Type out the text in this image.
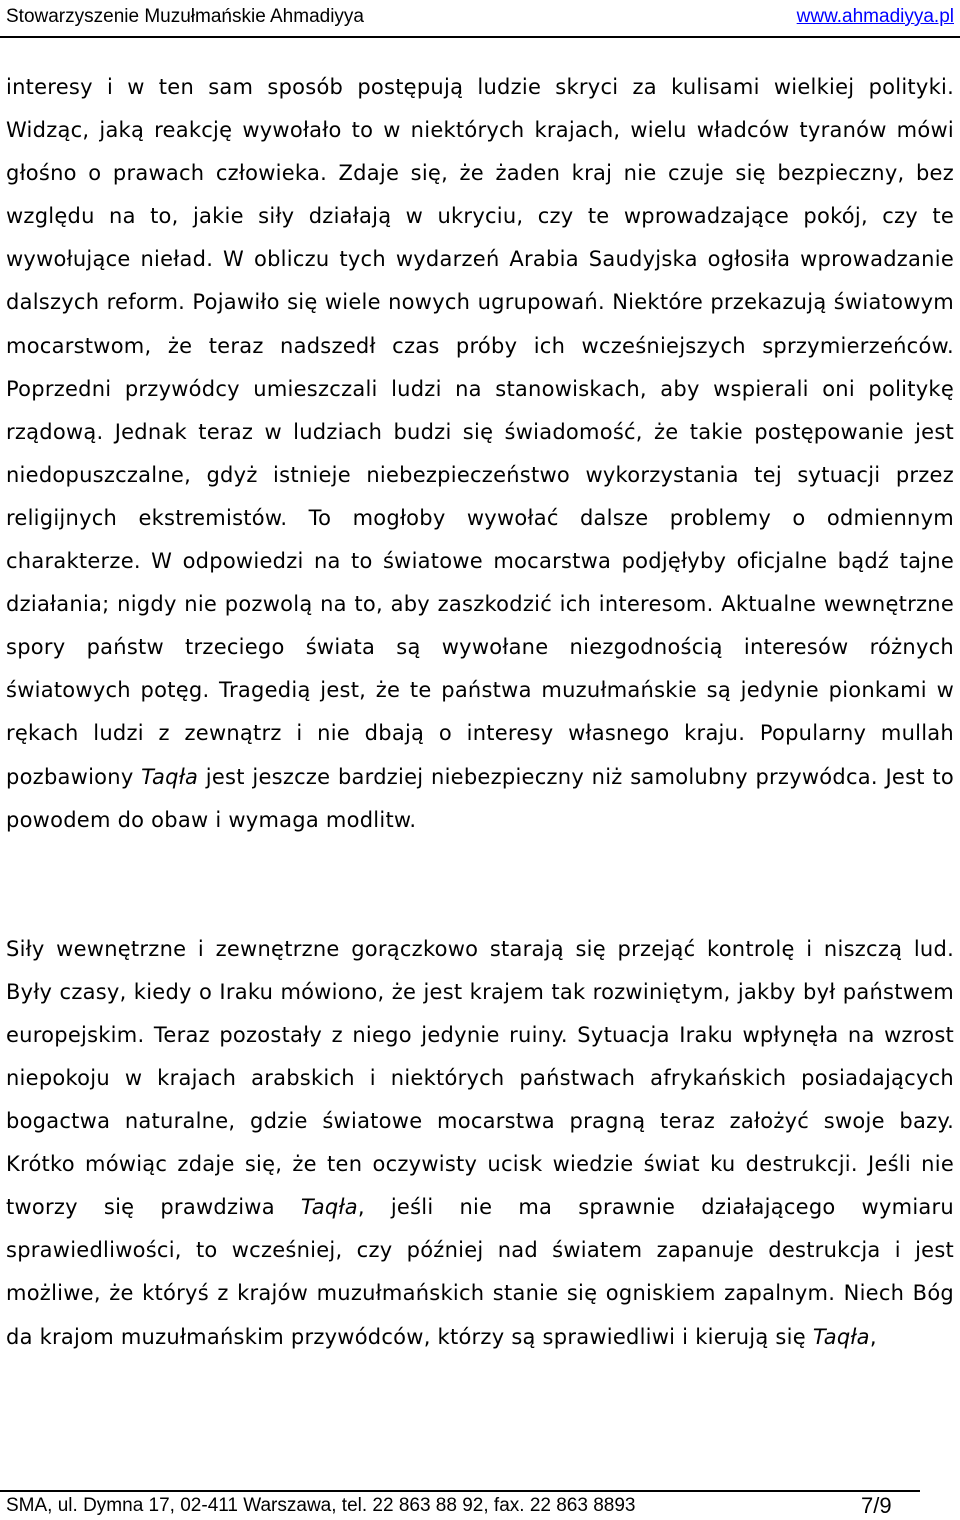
Stowarzyszenie Muzułmańskie Ahmadiyya	www.ahmadiyya.pl

interesy i w ten sam sposób postępują ludzie skryci za kulisami wielkiej polityki. Widząc, jaką reakcję wywołało to w niektórych krajach, wielu władców tyranów mówi głośno o prawach człowieka. Zdaje się, że żaden kraj nie czuje się bezpieczny, bez względu na to, jakie siły działają w ukryciu, czy te wprowadzające pokój, czy te wywołujące nieład. W obliczu tych wydarzeń Arabia Saudyjska ogłosiła wprowadzanie dalszych reform. Pojawiło się wiele nowych ugrupowań. Niektóre przekazują światowym mocarstwom, że teraz nadszedł czas próby ich wcześniejszych sprzymierzeńców. Poprzedni przywódcy umieszczali ludzi na stanowiskach, aby wspierali oni politykę rządową. Jednak teraz w ludziach budzi się świadomość, że takie postępowanie jest niedopuszczalne, gdyż istnieje niebezpieczeństwo wykorzystania tej sytuacji przez religijnych ekstremistów. To mogłoby wywołać dalsze problemy o odmiennym charakterze. W odpowiedzi na to światowe mocarstwa podjęłyby oficjalne bądź tajne działania; nigdy nie pozwolą na to, aby zaszkodzić ich interesom. Aktualne wewnętrzne spory państw trzeciego świata są wywołane niezgodnością interesów różnych światowych potęg. Tragedią jest, że te państwa muzułmańskie są jedynie pionkami w rękach ludzi z zewnątrz i nie dbają o interesy własnego kraju. Popularny mullah pozbawiony Taqła jest jeszcze bardziej niebezpieczny niż samolubny przywódca. Jest to powodem do obaw i wymaga modlitw.

Siły wewnętrzne i zewnętrzne gorączkowo starają się przejąć kontrolę i niszczą lud. Były czasy, kiedy o Iraku mówiono, że jest krajem tak rozwiniętym, jakby był państwem europejskim. Teraz pozostały z niego jedynie ruiny. Sytuacja Iraku wpłynęła na wzrost niepokoju w krajach arabskich i niektórych państwach afrykańskich posiadających bogactwa naturalne, gdzie światowe mocarstwa pragną teraz założyć swoje bazy. Krótko mówiąc zdaje się, że ten oczywisty ucisk wiedzie świat ku destrukcji. Jeśli nie tworzy się prawdziwa Taqła, jeśli nie ma sprawnie działającego wymiaru sprawiedliwości, to wcześniej, czy później nad światem zapanuje destrukcja i jest możliwe, że któryś z krajów muzułmańskich stanie się ogniskiem zapalnym. Niech Bóg da krajom muzułmańskim przywódców, którzy są sprawiedliwi i kierują się Taqła,

SMA, ul. Dymna 17, 02-411 Warszawa, tel. 22 863 88 92, fax. 22 863 8893	7/9
